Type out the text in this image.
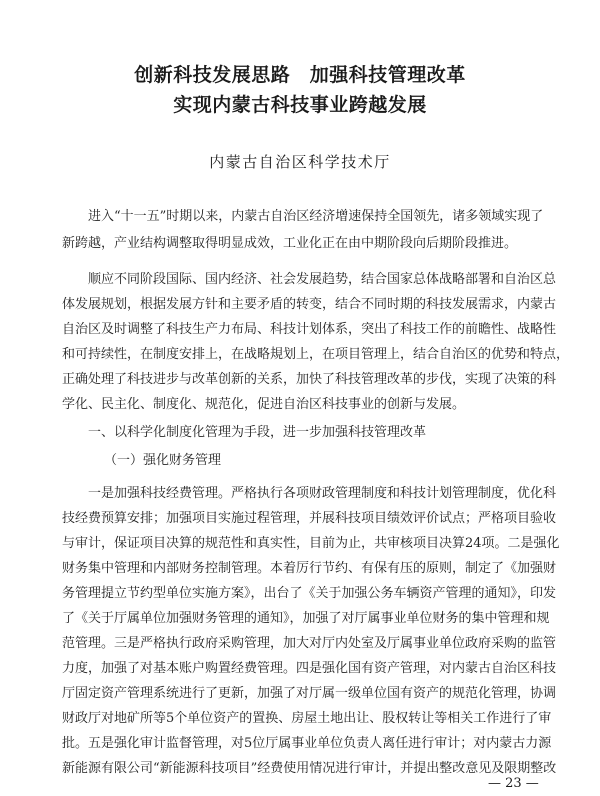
创新科技发展思路　加强科技管理改革
实现内蒙古科技事业跨越发展
内蒙古自治区科学技术厅
进入“十一五”时期以来，内蒙古自治区经济增速保持全国领先，诸多领域实现了
新跨越，产业结构调整取得明显成效，工业化正在由中期阶段向后期阶段推进。
顺应不同阶段国际、国内经济、社会发展趋势，结合国家总体战略部署和自治区总
体发展规划，根据发展方针和主要矛盾的转变，结合不同时期的科技发展需求，内蒙古
自治区及时调整了科技生产力布局、科技计划体系，突出了科技工作的前瞻性、战略性
和可持续性，在制度安排上，在战略規划上，在项目管理上，结合自治区的优势和特点，
正确处理了科技进步与改革创新的关系，加快了科技管理改革的步伐，实现了决策的科
学化、民主化、制度化、规范化，促进自治区科技事业的创新与发展。
一、以科学化制度化管理为手段，进一步加强科技管理改革
（一）强化财务管理
一是加强科技经费管理。严格执行各项财政管理制度和科技计划管理制度，优化科
技经费预算安排；加强项目实施过程管理，并展科技项目绩效评价试点；严格项目验收
与审计，保证项目决算的规范性和真实性，目前为止，共审核项目决算24项。二是强化
财务集中管理和内部财务控制管理。本着厉行节约、有保有压的原则，制定了《加强财
务管理提立节约型单位实施方案》，出台了《关于加强公务车辆资产管理的通知》，印发
了《关于厅属单位加强财务管理的通知》，加强了对厅属事业单位财务的集中管理和规
范管理。三是严格执行政府采购管理，加大对厅内处室及厅属事业单位政府采购的监管
力度，加强了对基本账户购置经费管理。四是强化国有资产管理，对内蒙古自治区科技
厅固定资产管理系统进行了更新，加强了对厅属一级单位国有资产的规范化管理，协调
财政厅对地矿所等5个单位资产的置换、房屋土地出让、股权转让等相关工作进行了审
批。五是强化审计监督管理，对5位厅属事业单位负责人离任进行审计；对内蒙古力源
新能源有限公司“新能源科技项目”经费使用情况进行审计，并提出整改意见及限期整改
— 23 —
